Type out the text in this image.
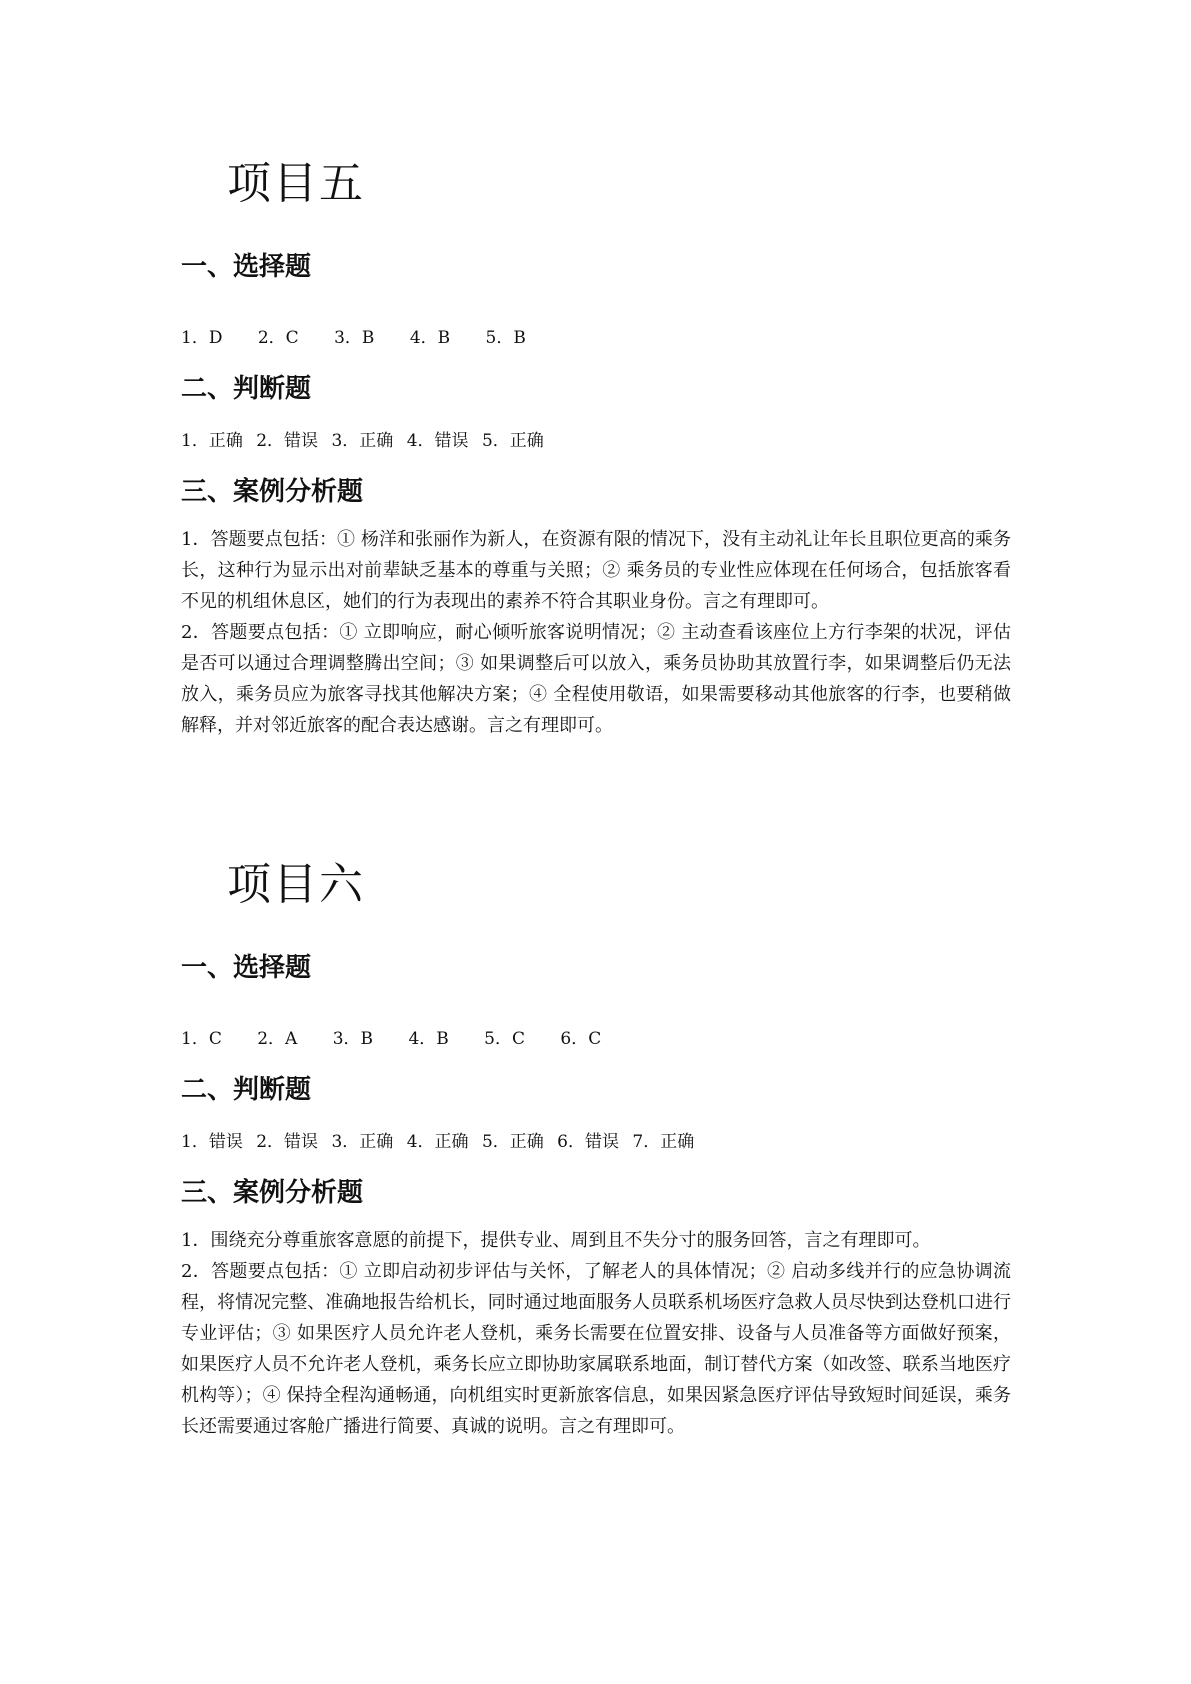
项目五
一、选择题
1．D 2．C 3．B 4．B 5．B
二、判断题
1．正确 2．错误 3．正确 4．错误 5．正确
三、案例分析题

1．答题要点包括：① 杨洋和张丽作为新人，在资源有限的情况下，没有主动礼让年长且职位更高的乘务长，这种行为显示出对前辈缺乏基本的尊重与关照；② 乘务员的专业性应体现在任何场合，包括旅客看不见的机组休息区，她们的行为表现出的素养不符合其职业身份。言之有理即可。

2．答题要点包括：① 立即响应，耐心倾听旅客说明情况；② 主动查看该座位上方行李架的状况，评估是否可以通过合理调整腾出空间；③ 如果调整后可以放入，乘务员协助其放置行李，如果调整后仍无法放入，乘务员应为旅客寻找其他解决方案；④ 全程使用敬语，如果需要移动其他旅客的行李，也要稍做解释，并对邻近旅客的配合表达感谢。言之有理即可。

项目六
一、选择题
1．C 2．A 3．B 4．B 5．C 6．C
二、判断题
1．错误 2．错误 3．正确 4．正确 5．正确 6．错误 7．正确
三、案例分析题

1．围绕充分尊重旅客意愿的前提下，提供专业、周到且不失分寸的服务回答，言之有理即可。

2．答题要点包括：① 立即启动初步评估与关怀，了解老人的具体情况；② 启动多线并行的应急协调流程，将情况完整、准确地报告给机长，同时通过地面服务人员联系机场医疗急救人员尽快到达登机口进行专业评估；③ 如果医疗人员允许老人登机，乘务长需要在位置安排、设备与人员准备等方面做好预案，如果医疗人员不允许老人登机，乘务长应立即协助家属联系地面，制订替代方案（如改签、联系当地医疗机构等）；④ 保持全程沟通畅通，向机组实时更新旅客信息，如果因紧急医疗评估导致短时间延误，乘务长还需要通过客舱广播进行简要、真诚的说明。言之有理即可。
